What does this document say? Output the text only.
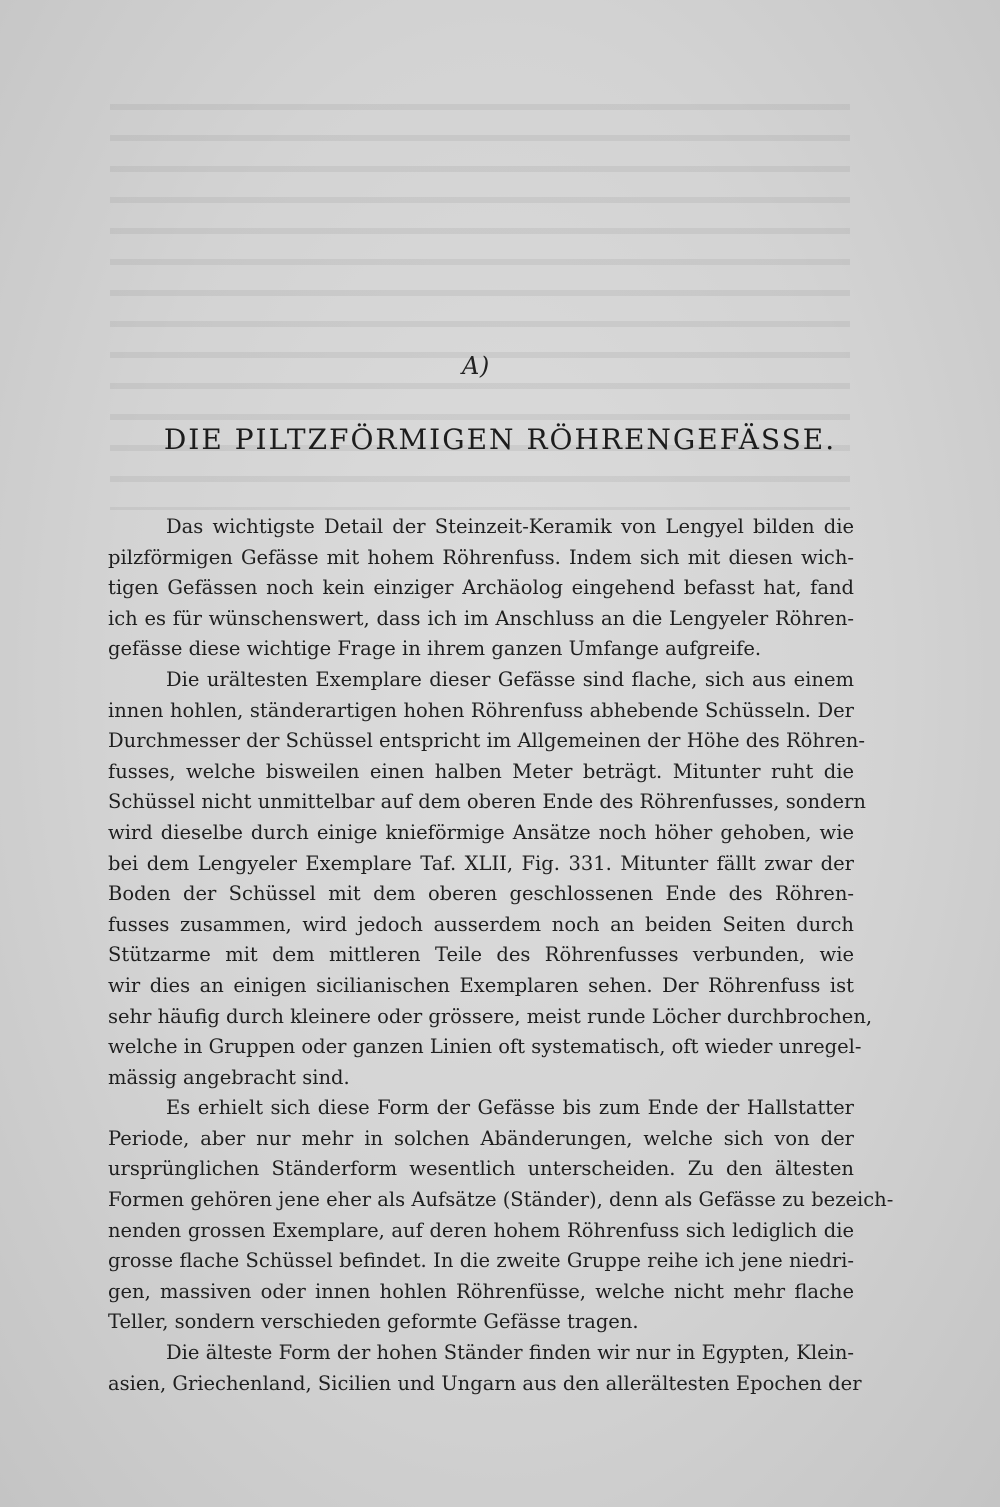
A)
DIE PILTZFÖRMIGEN RÖHRENGEFÄSSE.
Das wichtigste Detail der Steinzeit-Keramik von Lengyel bilden die
pilzförmigen Gefässe mit hohem Röhrenfuss. Indem sich mit diesen wich-
tigen Gefässen noch kein einziger Archäolog eingehend befasst hat, fand
ich es für wünschenswert, dass ich im Anschluss an die Lengyeler Röhren-
gefässe diese wichtige Frage in ihrem ganzen Umfange aufgreife.
Die urältesten Exemplare dieser Gefässe sind flache, sich aus einem
innen hohlen, ständerartigen hohen Röhrenfuss abhebende Schüsseln. Der
Durchmesser der Schüssel entspricht im Allgemeinen der Höhe des Röhren-
fusses, welche bisweilen einen halben Meter beträgt. Mitunter ruht die
Schüssel nicht unmittelbar auf dem oberen Ende des Röhrenfusses, sondern
wird dieselbe durch einige knieförmige Ansätze noch höher gehoben, wie
bei dem Lengyeler Exemplare Taf. XLII, Fig. 331. Mitunter fällt zwar der
Boden der Schüssel mit dem oberen geschlossenen Ende des Röhren-
fusses zusammen, wird jedoch ausserdem noch an beiden Seiten durch
Stützarme mit dem mittleren Teile des Röhrenfusses verbunden, wie
wir dies an einigen sicilianischen Exemplaren sehen. Der Röhrenfuss ist
sehr häufig durch kleinere oder grössere, meist runde Löcher durchbrochen,
welche in Gruppen oder ganzen Linien oft systematisch, oft wieder unregel-
mässig angebracht sind.
Es erhielt sich diese Form der Gefässe bis zum Ende der Hallstatter
Periode, aber nur mehr in solchen Abänderungen, welche sich von der
ursprünglichen Ständerform wesentlich unterscheiden. Zu den ältesten
Formen gehören jene eher als Aufsätze (Ständer), denn als Gefässe zu bezeich-
nenden grossen Exemplare, auf deren hohem Röhrenfuss sich lediglich die
grosse flache Schüssel befindet. In die zweite Gruppe reihe ich jene niedri-
gen, massiven oder innen hohlen Röhrenfüsse, welche nicht mehr flache
Teller, sondern verschieden geformte Gefässe tragen.
Die älteste Form der hohen Ständer finden wir nur in Egypten, Klein-
asien, Griechenland, Sicilien und Ungarn aus den allerältesten Epochen der
